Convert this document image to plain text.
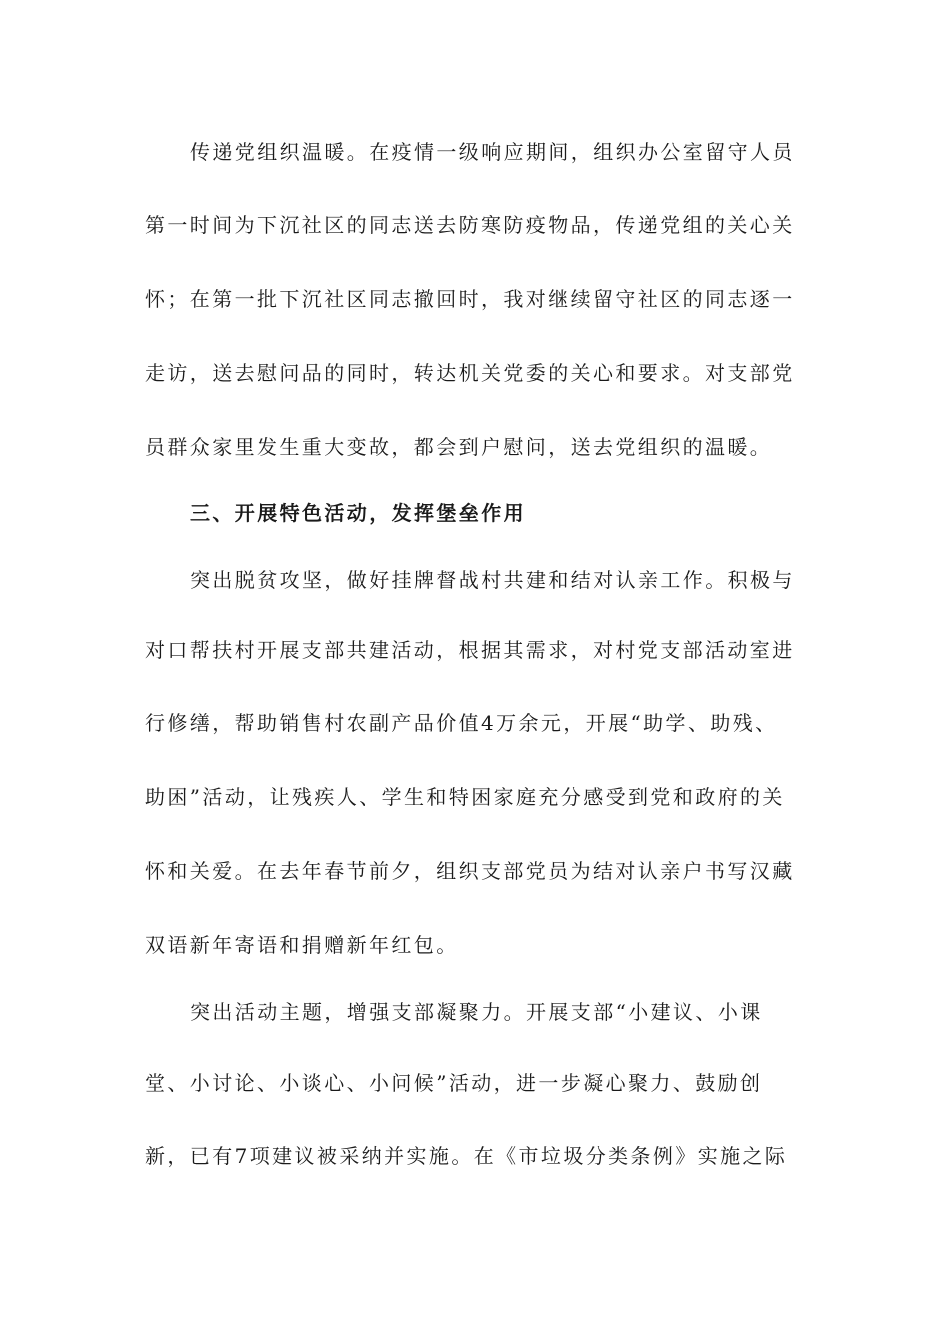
传递党组织温暖。在疫情一级响应期间，组织办公室留守人员
第一时间为下沉社区的同志送去防寒防疫物品，传递党组的关心关
怀；在第一批下沉社区同志撤回时，我对继续留守社区的同志逐一
走访，送去慰问品的同时，转达机关党委的关心和要求。对支部党
员群众家里发生重大变故，都会到户慰问，送去党组织的温暖。
三、开展特色活动，发挥堡垒作用
突出脱贫攻坚，做好挂牌督战村共建和结对认亲工作。积极与
对口帮扶村开展支部共建活动，根据其需求，对村党支部活动室进
行修缮，帮助销售村农副产品价值4万余元，开展“助学、助残、
助困”活动，让残疾人、学生和特困家庭充分感受到党和政府的关
怀和关爱。在去年春节前夕，组织支部党员为结对认亲户书写汉藏
双语新年寄语和捐赠新年红包。
突出活动主题，增强支部凝聚力。开展支部“小建议、小课
堂、小讨论、小谈心、小问候”活动，进一步凝心聚力、鼓励创
新，已有7项建议被采纳并实施。在《市垃圾分类条例》实施之际
